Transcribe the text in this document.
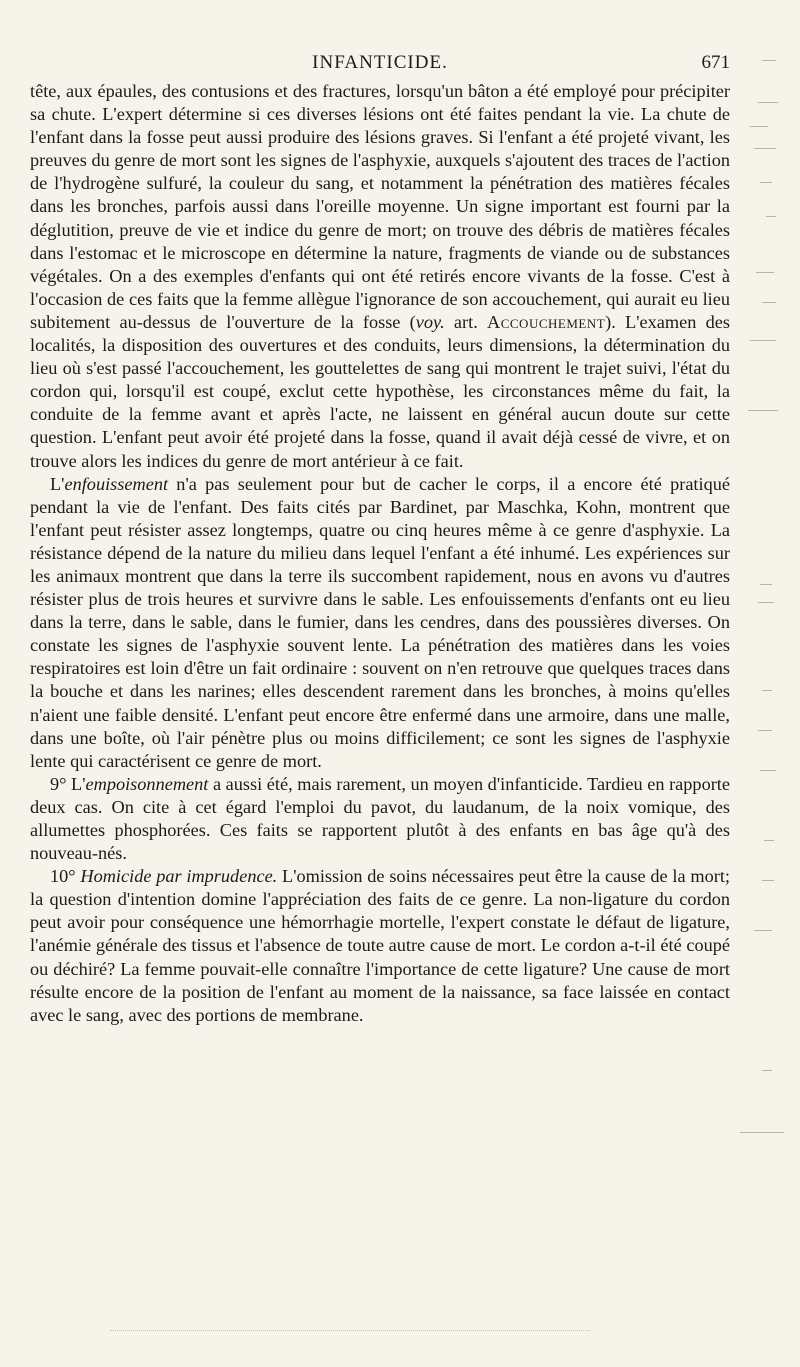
INFANTICIDE.	671

tête, aux épaules, des contusions et des fractures, lorsqu'un bâton a été employé pour précipiter sa chute. L'expert détermine si ces diverses lésions ont été faites pendant la vie. La chute de l'enfant dans la fosse peut aussi produire des lésions graves. Si l'enfant a été projeté vivant, les preuves du genre de mort sont les signes de l'asphyxie, auxquels s'ajoutent des traces de l'action de l'hydrogène sulfuré, la couleur du sang, et notamment la pénétration des matières fécales dans les bronches, parfois aussi dans l'oreille moyenne. Un signe important est fourni par la déglutition, preuve de vie et indice du genre de mort; on trouve des débris de matières fécales dans l'estomac et le microscope en détermine la nature, fragments de viande ou de substances végétales. On a des exemples d'enfants qui ont été retirés encore vivants de la fosse. C'est à l'occasion de ces faits que la femme allègue l'ignorance de son accouchement, qui aurait eu lieu subitement au-dessus de l'ouverture de la fosse (voy. art. Accouchement). L'examen des localités, la disposition des ouvertures et des conduits, leurs dimensions, la détermination du lieu où s'est passé l'accouchement, les gouttelettes de sang qui montrent le trajet suivi, l'état du cordon qui, lorsqu'il est coupé, exclut cette hypothèse, les circonstances même du fait, la conduite de la femme avant et après l'acte, ne laissent en général aucun doute sur cette question. L'enfant peut avoir été projeté dans la fosse, quand il avait déjà cessé de vivre, et on trouve alors les indices du genre de mort antérieur à ce fait.

L'enfouissement n'a pas seulement pour but de cacher le corps, il a encore été pratiqué pendant la vie de l'enfant. Des faits cités par Bardinet, par Maschka, Kohn, montrent que l'enfant peut résister assez longtemps, quatre ou cinq heures même à ce genre d'asphyxie. La résistance dépend de la nature du milieu dans lequel l'enfant a été inhumé. Les expériences sur les animaux montrent que dans la terre ils succombent rapidement, nous en avons vu d'autres résister plus de trois heures et survivre dans le sable. Les enfouissements d'enfants ont eu lieu dans la terre, dans le sable, dans le fumier, dans les cendres, dans des poussières diverses. On constate les signes de l'asphyxie souvent lente. La pénétration des matières dans les voies respiratoires est loin d'être un fait ordinaire : souvent on n'en retrouve que quelques traces dans la bouche et dans les narines; elles descendent rarement dans les bronches, à moins qu'elles n'aient une faible densité. L'enfant peut encore être enfermé dans une armoire, dans une malle, dans une boîte, où l'air pénètre plus ou moins difficilement; ce sont les signes de l'asphyxie lente qui caractérisent ce genre de mort.

9° L'empoisonnement a aussi été, mais rarement, un moyen d'infanticide. Tardieu en rapporte deux cas. On cite à cet égard l'emploi du pavot, du laudanum, de la noix vomique, des allumettes phosphorées. Ces faits se rapportent plutôt à des enfants en bas âge qu'à des nouveau-nés.

10° Homicide par imprudence. L'omission de soins nécessaires peut être la cause de la mort; la question d'intention domine l'appréciation des faits de ce genre. La non-ligature du cordon peut avoir pour conséquence une hémorrhagie mortelle, l'expert constate le défaut de ligature, l'anémie générale des tissus et l'absence de toute autre cause de mort. Le cordon a-t-il été coupé ou déchiré? La femme pouvait-elle connaître l'importance de cette ligature? Une cause de mort résulte encore de la position de l'enfant au moment de la naissance, sa face laissée en contact avec le sang, avec des portions de membrane.
